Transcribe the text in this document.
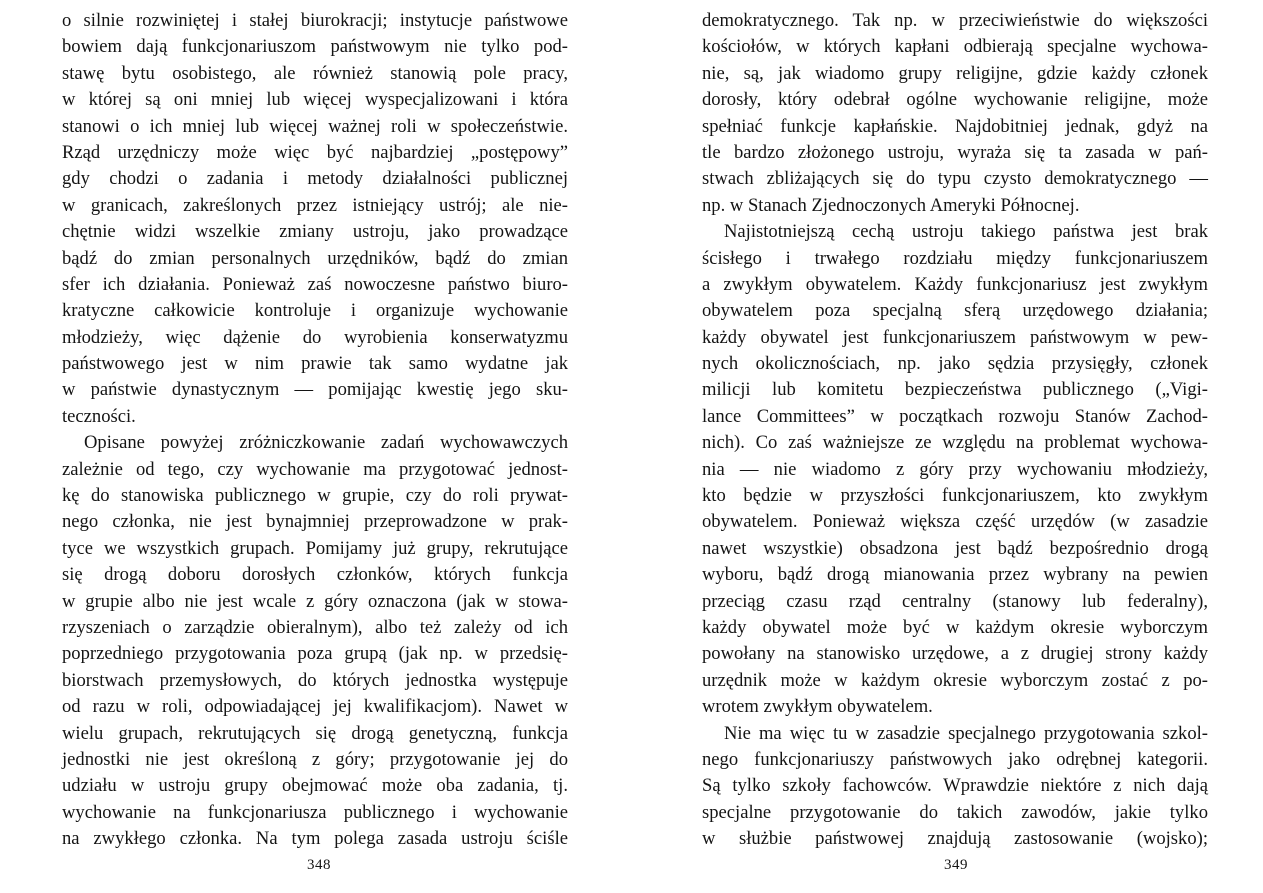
o silnie rozwiniętej i stałej biurokracji; instytucje państwowe
bowiem dają funkcjonariuszom państwowym nie tylko pod-
stawę bytu osobistego, ale również stanowią pole pracy,
w której są oni mniej lub więcej wyspecjalizowani i która
stanowi o ich mniej lub więcej ważnej roli w społeczeństwie.
Rząd urzędniczy może więc być najbardziej „postępowy”
gdy chodzi o zadania i metody działalności publicznej
w granicach, zakreślonych przez istniejący ustrój; ale nie-
chętnie widzi wszelkie zmiany ustroju, jako prowadzące
bądź do zmian personalnych urzędników, bądź do zmian
sfer ich działania. Ponieważ zaś nowoczesne państwo biuro-
kratyczne całkowicie kontroluje i organizuje wychowanie
młodzieży, więc dążenie do wyrobienia konserwatyzmu
państwowego jest w nim prawie tak samo wydatne jak
w państwie dynastycznym — pomijając kwestię jego sku-
teczności.
Opisane powyżej zróżniczkowanie zadań wychowawczych
zależnie od tego, czy wychowanie ma przygotować jednost-
kę do stanowiska publicznego w grupie, czy do roli prywat-
nego członka, nie jest bynajmniej przeprowadzone w prak-
tyce we wszystkich grupach. Pomijamy już grupy, rekrutujące
się drogą doboru dorosłych członków, których funkcja
w grupie albo nie jest wcale z góry oznaczona (jak w stowa-
rzyszeniach o zarządzie obieralnym), albo też zależy od ich
poprzedniego przygotowania poza grupą (jak np. w przedsię-
biorstwach przemysłowych, do których jednostka występuje
od razu w roli, odpowiadającej jej kwalifikacjom). Nawet w
wielu grupach, rekrutujących się drogą genetyczną, funkcja
jednostki nie jest określoną z góry; przygotowanie jej do
udziału w ustroju grupy obejmować może oba zadania, tj.
wychowanie na funkcjonariusza publicznego i wychowanie
na zwykłego członka. Na tym polega zasada ustroju ściśle
348
demokratycznego. Tak np. w przeciwieństwie do większości
kościołów, w których kapłani odbierają specjalne wychowa-
nie, są, jak wiadomo grupy religijne, gdzie każdy członek
dorosły, który odebrał ogólne wychowanie religijne, może
spełniać funkcje kapłańskie. Najdobitniej jednak, gdyż na
tle bardzo złożonego ustroju, wyraża się ta zasada w pań-
stwach zbliżających się do typu czysto demokratycznego —
np. w Stanach Zjednoczonych Ameryki Północnej.
Najistotniejszą cechą ustroju takiego państwa jest brak
ścisłego i trwałego rozdziału między funkcjonariuszem
a zwykłym obywatelem. Każdy funkcjonariusz jest zwykłym
obywatelem poza specjalną sferą urzędowego działania;
każdy obywatel jest funkcjonariuszem państwowym w pew-
nych okolicznościach, np. jako sędzia przysięgły, członek
milicji lub komitetu bezpieczeństwa publicznego („Vigi-
lance Committees” w początkach rozwoju Stanów Zachod-
nich). Co zaś ważniejsze ze względu na problemat wychowa-
nia — nie wiadomo z góry przy wychowaniu młodzieży,
kto będzie w przyszłości funkcjonariuszem, kto zwykłym
obywatelem. Ponieważ większa część urzędów (w zasadzie
nawet wszystkie) obsadzona jest bądź bezpośrednio drogą
wyboru, bądź drogą mianowania przez wybrany na pewien
przeciąg czasu rząd centralny (stanowy lub federalny),
każdy obywatel może być w każdym okresie wyborczym
powołany na stanowisko urzędowe, a z drugiej strony każdy
urzędnik może w każdym okresie wyborczym zostać z po-
wrotem zwykłym obywatelem.
Nie ma więc tu w zasadzie specjalnego przygotowania szkol-
nego funkcjonariuszy państwowych jako odrębnej kategorii.
Są tylko szkoły fachowców. Wprawdzie niektóre z nich dają
specjalne przygotowanie do takich zawodów, jakie tylko
w służbie państwowej znajdują zastosowanie (wojsko);
349
